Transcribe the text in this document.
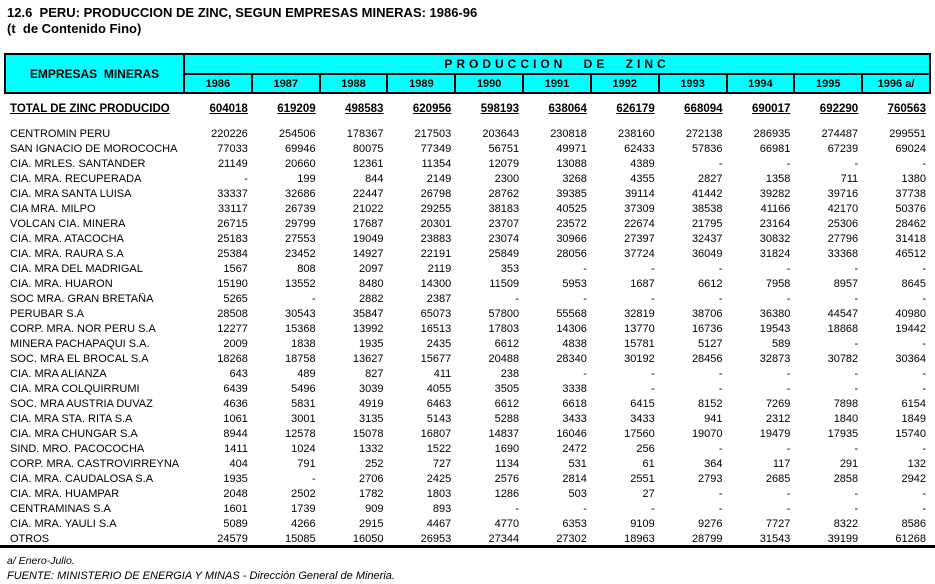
12.6  PERU: PRODUCCION DE ZINC, SEGUN EMPRESAS MINERAS: 1986-96
(t  de Contenido Fino)
EMPRESAS  MINERAS
PRODUCCION DE ZINC
1986	1987	1988	1989	1990	1991	1992	1993	1994	1995	1996 a/
TOTAL DE ZINC PRODUCIDO	604018	619209	498583	620956	598193	638064	626179	668094	690017	692290	760563
CENTROMIN PERU	220226	254506	178367	217503	203643	230818	238160	272138	286935	274487	299551
SAN IGNACIO DE MOROCOCHA	77033	69946	80075	77349	56751	49971	62433	57836	66981	67239	69024
CIA. MRLES. SANTANDER	21149	20660	12361	11354	12079	13088	4389	-	-	-	-
CIA. MRA. RECUPERADA	-	199	844	2149	2300	3268	4355	2827	1358	711	1380
CIA. MRA SANTA LUISA	33337	32686	22447	26798	28762	39385	39114	41442	39282	39716	37738
CIA MRA. MILPO	33117	26739	21022	29255	38183	40525	37309	38538	41166	42170	50376
VOLCAN CIA. MINERA	26715	29799	17687	20301	23707	23572	22674	21795	23164	25306	28462
CIA. MRA. ATACOCHA	25183	27553	19049	23883	23074	30966	27397	32437	30832	27796	31418
CIA. MRA. RAURA S.A	25384	23452	14927	22191	25849	28056	37724	36049	31824	33368	46512
CIA. MRA DEL MADRIGAL	1567	808	2097	2119	353	-	-	-	-	-	-
CIA. MRA. HUARON	15190	13552	8480	14300	11509	5953	1687	6612	7958	8957	8645
SOC MRA. GRAN BRETAÑA	5265	-	2882	2387	-	-	-	-	-	-	-
PERUBAR S.A	28508	30543	35847	65073	57800	55568	32819	38706	36380	44547	40980
CORP. MRA. NOR PERU S.A	12277	15368	13992	16513	17803	14306	13770	16736	19543	18868	19442
MINERA PACHAPAQUI S.A.	2009	1838	1935	2435	6612	4838	15781	5127	589	-	-
SOC. MRA EL BROCAL S.A	18268	18758	13627	15677	20488	28340	30192	28456	32873	30782	30364
CIA. MRA ALIANZA	643	489	827	411	238	-	-	-	-	-	-
CIA. MRA COLQUIRRUMI	6439	5496	3039	4055	3505	3338	-	-	-	-	-
SOC. MRA AUSTRIA DUVAZ	4636	5831	4919	6463	6612	6618	6415	8152	7269	7898	6154
CIA. MRA STA. RITA S.A	1061	3001	3135	5143	5288	3433	3433	941	2312	1840	1849
CIA. MRA CHUNGAR S.A	8944	12578	15078	16807	14837	16046	17560	19070	19479	17935	15740
SIND. MRO. PACOCOCHA	1411	1024	1332	1522	1690	2472	256	-	-	-	-
CORP. MRA. CASTROVIRREYNA	404	791	252	727	1134	531	61	364	117	291	132
CIA. MRA. CAUDALOSA S.A	1935	-	2706	2425	2576	2814	2551	2793	2685	2858	2942
CIA. MRA. HUAMPAR	2048	2502	1782	1803	1286	503	27	-	-	-	-
CENTRAMINAS S.A	1601	1739	909	893	-	-	-	-	-	-	-
CIA. MRA. YAULI S.A	5089	4266	2915	4467	4770	6353	9109	9276	7727	8322	8586
OTROS	24579	15085	16050	26953	27344	27302	18963	28799	31543	39199	61268
a/ Enero-Julio.
FUENTE: MINISTERIO DE ENERGIA Y MINAS - Dirección General de Mineria.
